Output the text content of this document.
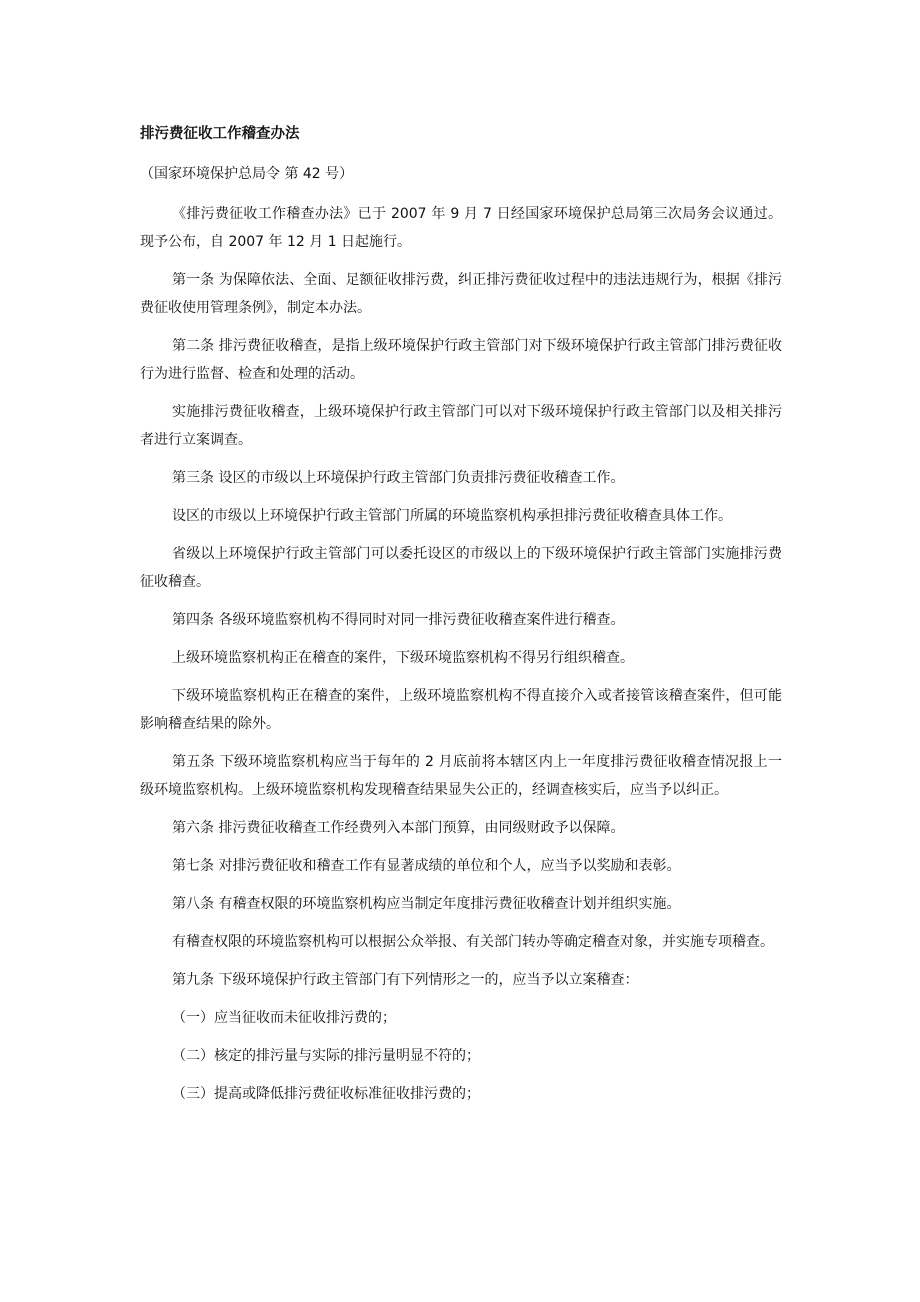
排污费征收工作稽查办法
（国家环境保护总局令 第 42 号）

《排污费征收工作稽查办法》已于 2007 年 9 月 7 日经国家环境保护总局第三次局务会议通过。现予公布，自 2007 年 12 月 1 日起施行。

第一条 为保障依法、全面、足额征收排污费，纠正排污费征收过程中的违法违规行为，根据《排污费征收使用管理条例》，制定本办法。

第二条 排污费征收稽查，是指上级环境保护行政主管部门对下级环境保护行政主管部门排污费征收行为进行监督、检查和处理的活动。

实施排污费征收稽查，上级环境保护行政主管部门可以对下级环境保护行政主管部门以及相关排污者进行立案调查。

第三条 设区的市级以上环境保护行政主管部门负责排污费征收稽查工作。

设区的市级以上环境保护行政主管部门所属的环境监察机构承担排污费征收稽查具体工作。

省级以上环境保护行政主管部门可以委托设区的市级以上的下级环境保护行政主管部门实施排污费征收稽查。

第四条 各级环境监察机构不得同时对同一排污费征收稽查案件进行稽查。

上级环境监察机构正在稽查的案件，下级环境监察机构不得另行组织稽查。

下级环境监察机构正在稽查的案件，上级环境监察机构不得直接介入或者接管该稽查案件，但可能影响稽查结果的除外。

第五条 下级环境监察机构应当于每年的 2 月底前将本辖区内上一年度排污费征收稽查情况报上一级环境监察机构。上级环境监察机构发现稽查结果显失公正的，经调查核实后，应当予以纠正。

第六条 排污费征收稽查工作经费列入本部门预算，由同级财政予以保障。

第七条 对排污费征收和稽查工作有显著成绩的单位和个人，应当予以奖励和表彰。

第八条 有稽查权限的环境监察机构应当制定年度排污费征收稽查计划并组织实施。

有稽查权限的环境监察机构可以根据公众举报、有关部门转办等确定稽查对象，并实施专项稽查。

第九条 下级环境保护行政主管部门有下列情形之一的，应当予以立案稽查：

（一）应当征收而未征收排污费的；

（二）核定的排污量与实际的排污量明显不符的；

（三）提高或降低排污费征收标准征收排污费的；
